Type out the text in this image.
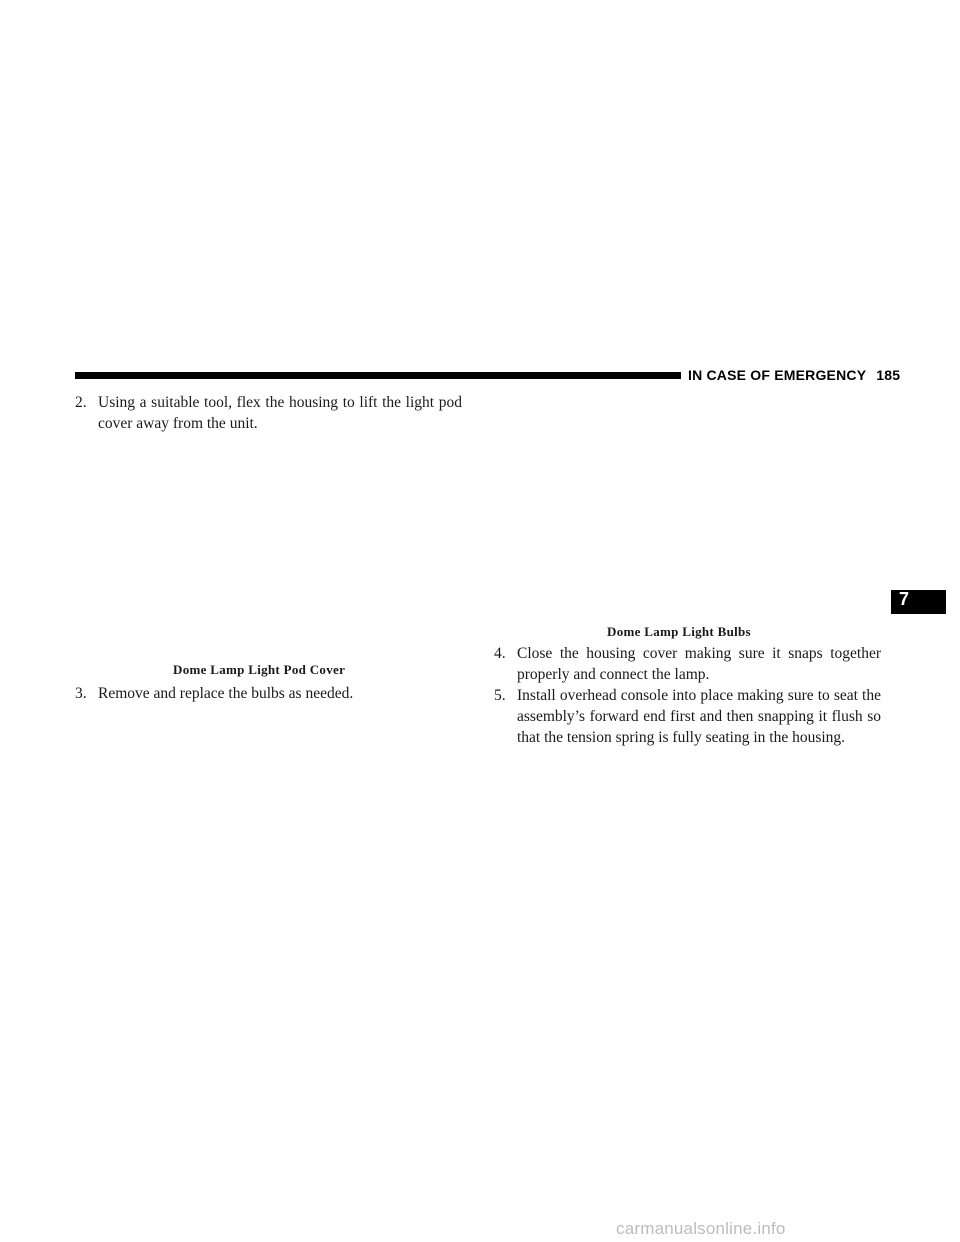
IN CASE OF EMERGENCY 185
2. Using a suitable tool, flex the housing to lift the light pod cover away from the unit.
Dome Lamp Light Pod Cover
3. Remove and replace the bulbs as needed.
Dome Lamp Light Bulbs
4. Close the housing cover making sure it snaps together properly and connect the lamp.
5. Install overhead console into place making sure to seat the assembly’s forward end first and then snapping it flush so that the tension spring is fully seating in the housing.
7
carmanualsonline.info
